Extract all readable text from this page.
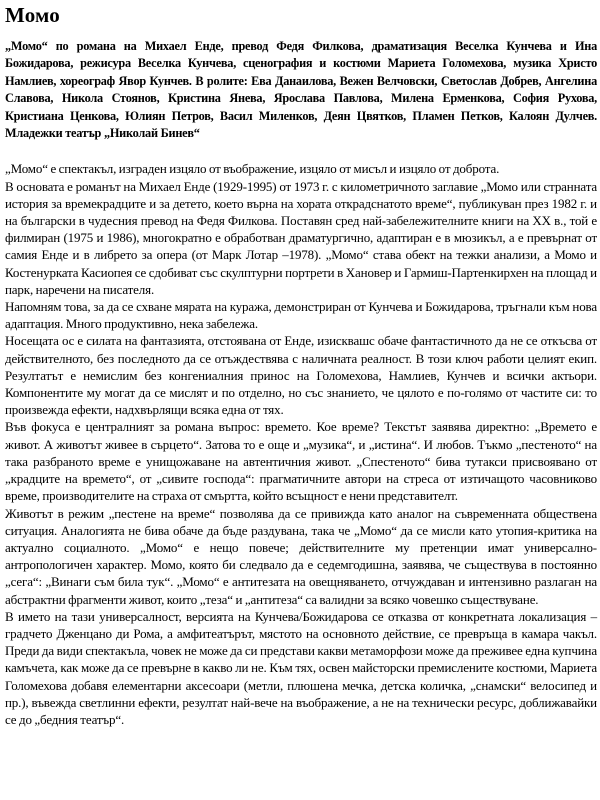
Момо

„Момо“ по романа на Михаел Енде, превод Федя Филкова, драматизация Веселка Кунчева и Ина Божидарова, режисура Веселка Кунчева, сценография и костюми Мариета Голомехова, музика Христо Намлиев, хореограф Явор Кунчев. В ролите: Ева Данаилова, Вежен Велчовски, Светослав Добрев, Ангелина Славова, Никола Стоянов, Кристина Янева, Ярослава Павлова, Милена Ерменкова, София Рухова, Кристиана Ценкова, Юлиян Петров, Васил Миленков, Деян Цвятков, Пламен Петков, Калоян Дулчев. Младежки театър „Николай Бинев“

„Момо“ е спектакъл, изграден изцяло от въображение, изцяло от мисъл и изцяло от доброта.

В основата е романът на Михаел Енде (1929-1995) от 1973 г. с километричното заглавие „Момо или странната история за времекрадците и за детето, което върна на хората открадснатото време“, публикуван през 1982 г. и на български в чудесния превод на Федя Филкова. Поставян сред най-забележителните книги на XX в., той е филмиран (1975 и 1986), многократно е обработван драматургично, адаптиран е в мюзикъл, а е превърнат от самия Енде и в либрето за опера (от Марк Лотар –1978). „Момо“ става обект на тежки анализи, а Момо и Костенурката Касиопея се сдобиват със скулптурни портрети в Хановер и Гармиш-Партенкирхен на площад и парк, наречени на писателя.

Напомням това, за да се схване мярата на куража, демонстриран от Кунчева и Божидарова, тръгнали към нова адаптация. Много продуктивно, нека забележа.

Носещата ос е силата на фантазията, отстоявана от Енде, изисквашс обаче фантастичното да не се откъсва от действителното, без последното да се отъждествява с наличната реалност. В този ключ работи целият екип. Резултатът е немислим без конгениалния принос на Голомехова, Намлиев, Кунчев и всички актьори. Компонентите му могат да се мислят и по отделно, но със знанието, че цялото е по-голямо от частите си: то произвежда ефекти, надхвърлящи всяка една от тях.

Във фокуса е централният за романа въпрос: времето. Кое време? Текстът заявява директно: „Времето е живот. А животът живее в сърцето“. Затова то е още и „музика“, и „истина“. И любов. Тъкмо „пестеното“ на така разбраното време е унищожаване на автентичния живот. „Спестеното“ бива тутакси присвоявано от „крадците на времето“, от „сивите господа“: прагматичните автори на стреса от изтичащото часовниково време, производителите на страха от смъртта, който всъщност е нени представителт.

Животът в режим „пестене на време“ позволява да се привижда като аналог на съвременната обществена ситуация. Аналогията не бива обаче да бъде раздувана, така че „Момо“ да се мисли като утопия-критика на актуално социалното. „Момо“ е нещо повече; действителните му претенции имат универсално-антропологичен характер. Момо, която би следвало да е седемгодишна, заявява, че съществува в постоянно „сега“: „Винаги съм била тук“. „Момо“ е антитезата на овещняването, отчуждаван и интензивно разлаган на абстрактни фрагменти живот, които „теза“ и „антитеза“ са валидни за всяко човешко съществуване.

В името на тази универсалност, версията на Кунчева/Божидарова се отказва от конкретната локализация – градчето Дженцано ди Рома, а амфитеатърът, мястото на основното действие, се превръща в камара чакъл. Преди да види спектакъла, човек не може да си представи какви метаморфози може да преживее една купчина камъчета, как може да се превърне в какво ли не. Към тях, освен майсторски премислените костюми, Мариета Голомехова добавя елементарни аксесоари (метли, плюшена мечка, детска количка, „снамски“ велосипед и пр.), въвежда светлинни ефекти, резултат най-вече на въображение, а не на технически ресурс, доближавайки се до „бедния театър“.
